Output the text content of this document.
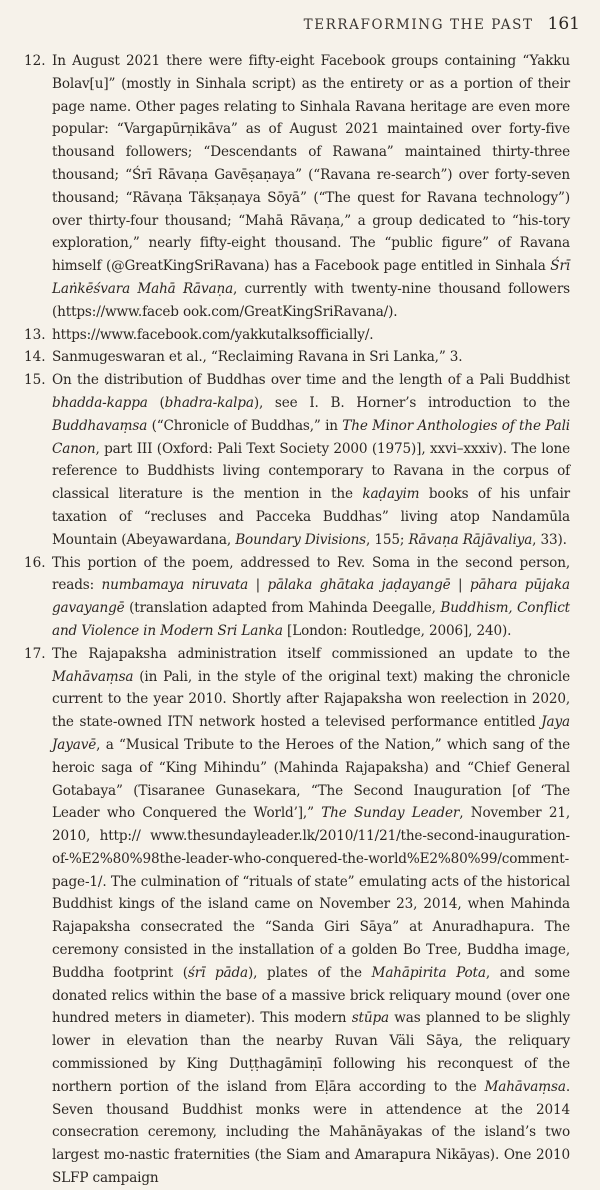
TERRAFORMING THE PAST 161
12. In August 2021 there were fifty-eight Facebook groups containing “Yakku Bolav[u]” (mostly in Sinhala script) as the entirety or as a portion of their page name. Other pages relating to Sinhala Ravana heritage are even more popular: “Vargapūrṇikāva” as of August 2021 maintained over forty-five thousand followers; “Descendants of Rawana” maintained thirty-three thousand; “Śrī Rāvaṇa Gavēṣaṇaya” (“Ravana re-search”) over forty-seven thousand; “Rāvaṇa Tākṣaṇaya Sōyā” (“The quest for Ravana technology”) over thirty-four thousand; “Mahā Rāvaṇa,” a group dedicated to “his-tory exploration,” nearly fifty-eight thousand. The “public figure” of Ravana himself (@GreatKingSriRavana) has a Facebook page entitled in Sinhala Śrī Laṅkēśvara Mahā Rāvaṇa, currently with twenty-nine thousand followers (https://www.faceb ook.com/GreatKingSriRavana/).

13. https://www.facebook.com/yakkutalksofficially/.

14. Sanmugeswaran et al., “Reclaiming Ravana in Sri Lanka,” 3.

15. On the distribution of Buddhas over time and the length of a Pali Buddhist bhadda-kappa (bhadra-kalpa), see I. B. Horner’s introduction to the Buddhavaṃsa (“Chronicle of Buddhas,” in The Minor Anthologies of the Pali Canon, part III (Oxford: Pali Text Society 2000 (1975)], xxvi–xxxiv). The lone reference to Buddhists living contemporary to Ravana in the corpus of classical literature is the mention in the kaḍayim books of his unfair taxation of “recluses and Pacceka Buddhas” living atop Nandamūla Mountain (Abeyawardana, Boundary Divisions, 155; Rāvaṇa Rājāvaliya, 33).

16. This portion of the poem, addressed to Rev. Soma in the second person, reads: numbamaya niruvata | pālaka ghātaka jaḍayangē | pāhara pūjaka gavayangē (translation adapted from Mahinda Deegalle, Buddhism, Conflict and Violence in Modern Sri Lanka [London: Routledge, 2006], 240).

17. The Rajapaksha administration itself commissioned an update to the Mahāvaṃsa (in Pali, in the style of the original text) making the chronicle current to the year 2010. Shortly after Rajapaksha won reelection in 2020, the state-owned ITN network hosted a televised performance entitled Jaya Jayavē, a “Musical Tribute to the Heroes of the Nation,” which sang of the heroic saga of “King Mihindu” (Mahinda Rajapaksha) and “Chief General Gotabaya” (Tisaranee Gunasekara, “The Second Inauguration [of ‘The Leader who Conquered the World’],” The Sunday Leader, November 21, 2010, http:// www.thesundayleader.lk/2010/11/21/the-second-inauguration-of-%E2%80%98the-leader-who-conquered-the-world%E2%80%99/comment-page-1/. The culmination of “rituals of state” emulating acts of the historical Buddhist kings of the island came on November 23, 2014, when Mahinda Rajapaksha consecrated the “Sanda Giri Sāya” at Anuradhapura. The ceremony consisted in the installation of a golden Bo Tree, Buddha image, Buddha footprint (śrī pāda), plates of the Mahāpirita Pota, and some donated relics within the base of a massive brick reliquary mound (over one hundred meters in diameter). This modern stūpa was planned to be slighly lower in elevation than the nearby Ruvan Väli Sāya, the reliquary commissioned by King Duṭṭhagāmiṇī following his reconquest of the northern portion of the island from Eḷāra according to the Mahāvaṃsa. Seven thousand Buddhist monks were in attendence at the 2014 consecration ceremony, including the Mahānāyakas of the island’s two largest mo-nastic fraternities (the Siam and Amarapura Nikāyas). One 2010 SLFP campaign
